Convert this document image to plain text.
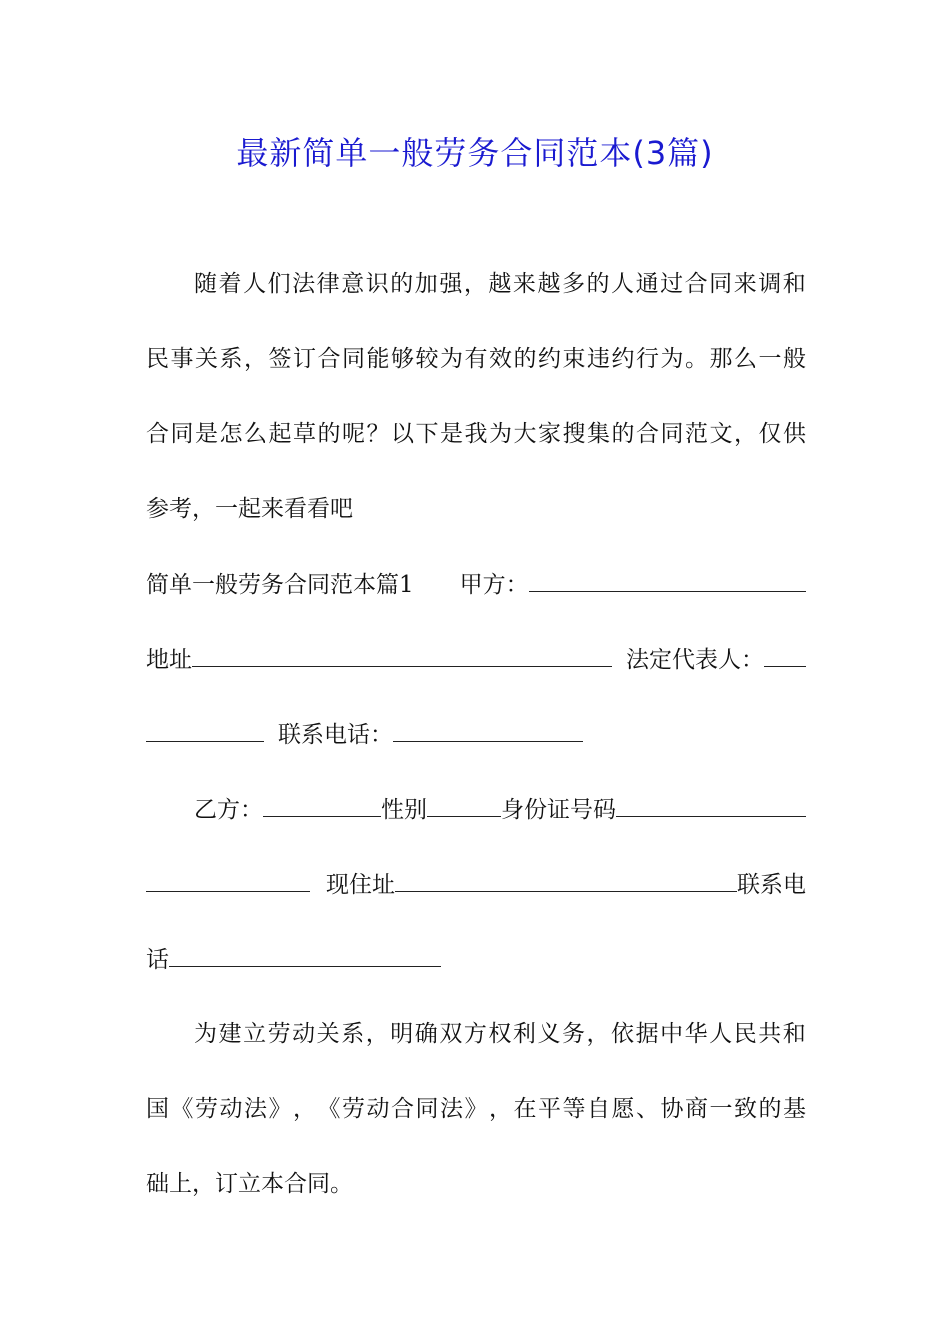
最新简单一般劳务合同范本(3篇)
随 着 人 们 法 律 意 识 的 加 强 ， 越 来 越 多 的 人 通 过 合 同 来 调 和
民 事 关 系 ， 签 订 合 同 能 够 较 为 有 效 的 约 束 违 约 行 为 。 那 么 一 般
合 同 是 怎 么 起 草 的 呢 ？ 以 下 是 我 为 大 家 搜 集 的 合 同 范 文 ， 仅 供
参考，一起来看看吧
简单一般劳务合同范本篇1 甲方：
地址	法定代表人：
联系电话：
乙方：	性别	身份证号码
现住址	联系电
话
为 建 立 劳 动 关 系 ， 明 确 双 方 权 利 义 务 ， 依 据 中 华 人 民 共 和
国 《 劳 动 法 》 ， 《 劳 动 合 同 法 》 ， 在 平 等 自 愿 、 协 商 一 致 的 基
础上，订立本合同。
